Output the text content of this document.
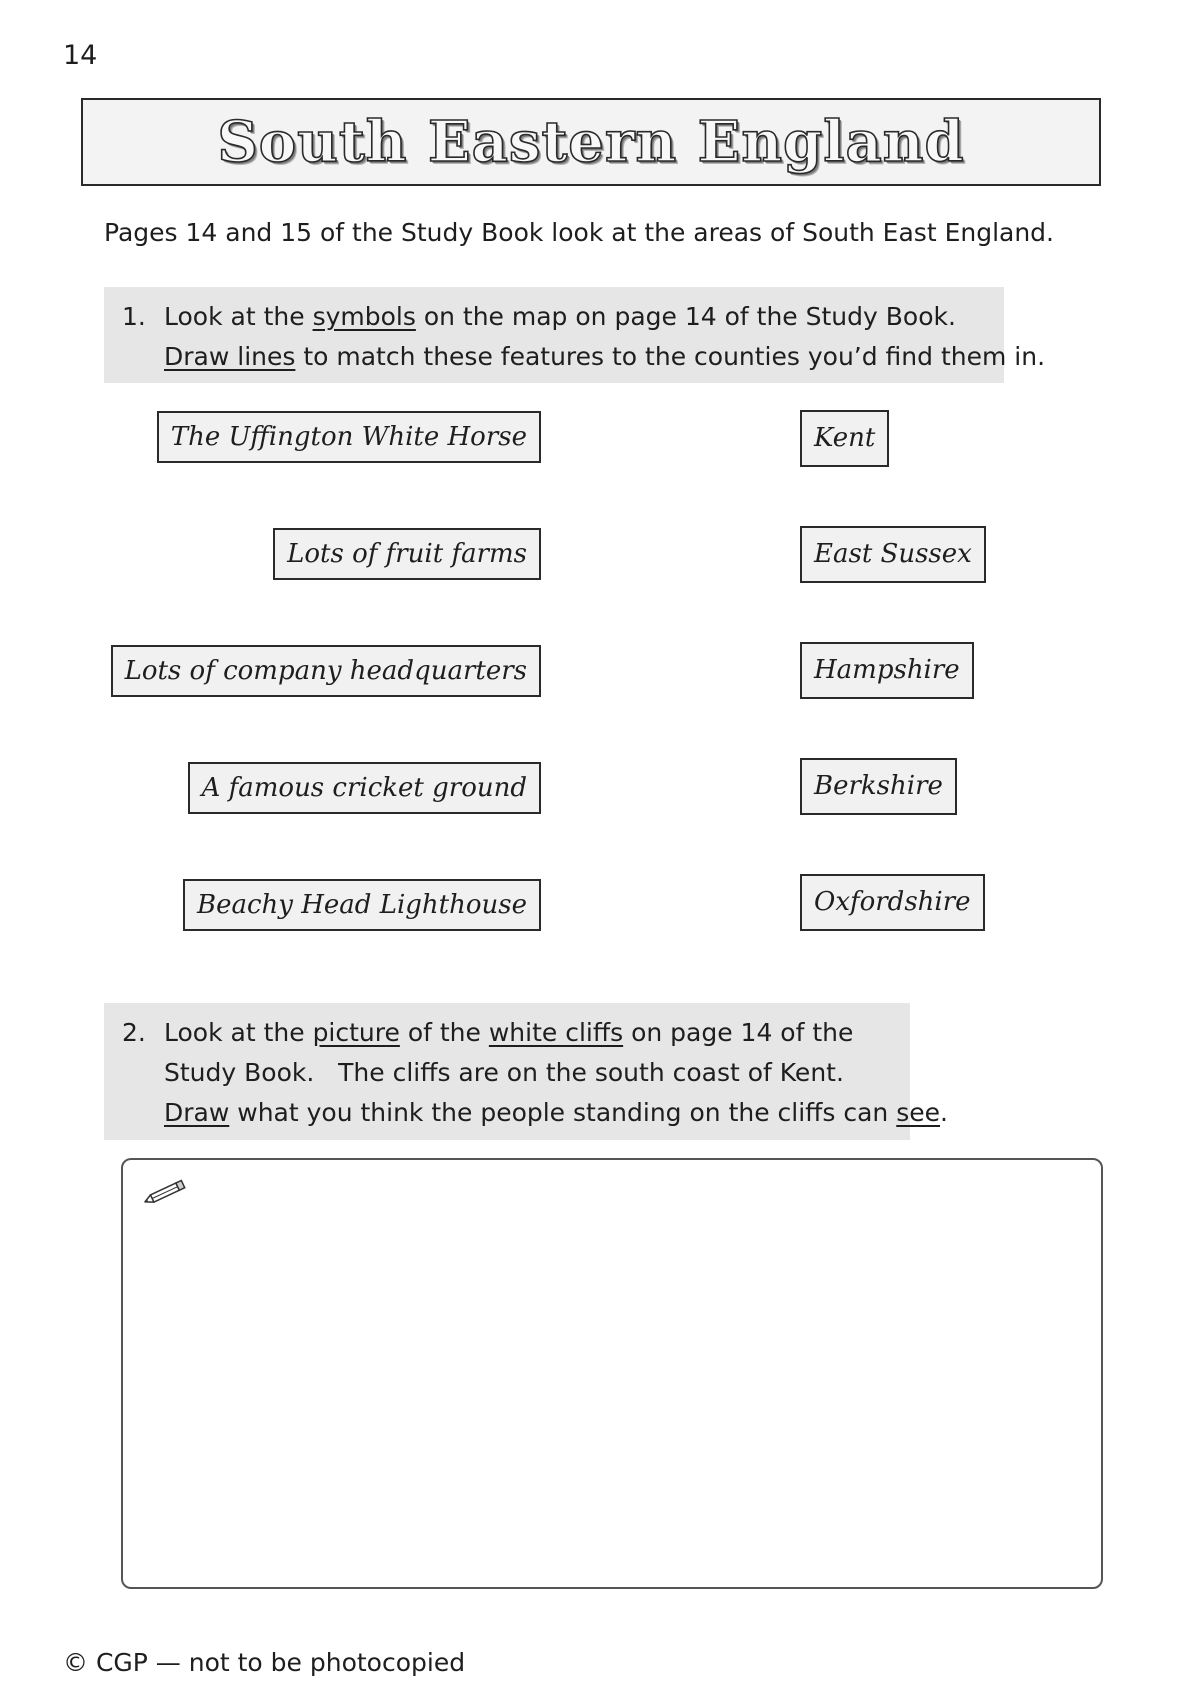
14
South Eastern England
Pages 14 and 15 of the Study Book look at the areas of South East England.
1. Look at the symbols on the map on page 14 of the Study Book.
Draw lines to match these features to the counties you’d find them in.
The Uffington White Horse
Lots of fruit farms
Lots of company headquarters
A famous cricket ground
Beachy Head Lighthouse
Kent
East Sussex
Hampshire
Berkshire
Oxfordshire
2. Look at the picture of the white cliffs on page 14 of the
Study Book.   The cliffs are on the south coast of Kent.
Draw what you think the people standing on the cliffs can see.
© CGP — not to be photocopied
